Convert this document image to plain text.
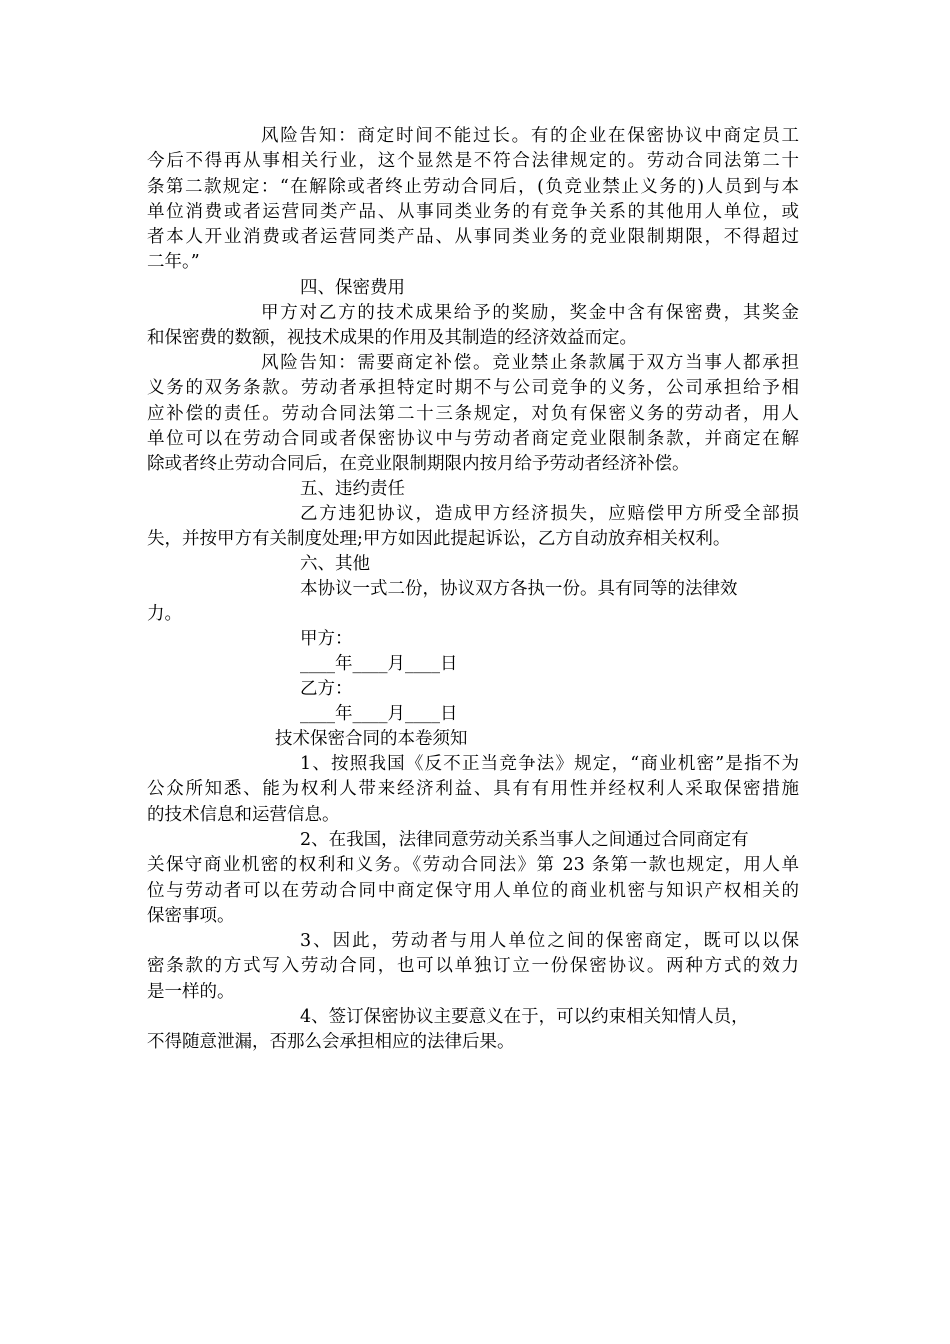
风险告知：商定时间不能过长。有的企业在保密协议中商定员工
今后不得再从事相关行业，这个显然是不符合法律规定的。劳动合同法第二十
条第二款规定：“在解除或者终止劳动合同后，(负竞业禁止义务的)人员到与本
单位消费或者运营同类产品、从事同类业务的有竞争关系的其他用人单位，或
者本人开业消费或者运营同类产品、从事同类业务的竞业限制期限，不得超过
二年。”
四、保密费用
甲方对乙方的技术成果给予的奖励，奖金中含有保密费，其奖金
和保密费的数额，视技术成果的作用及其制造的经济效益而定。
风险告知：需要商定补偿。竞业禁止条款属于双方当事人都承担
义务的双务条款。劳动者承担特定时期不与公司竞争的义务，公司承担给予相
应补偿的责任。劳动合同法第二十三条规定，对负有保密义务的劳动者，用人
单位可以在劳动合同或者保密协议中与劳动者商定竞业限制条款，并商定在解
除或者终止劳动合同后，在竞业限制期限内按月给予劳动者经济补偿。
五、违约责任
乙方违犯协议，造成甲方经济损失，应赔偿甲方所受全部损
失，并按甲方有关制度处理;甲方如因此提起诉讼，乙方自动放弃相关权利。
六、其他
本协议一式二份，协议双方各执一份。具有同等的法律效
力。
甲方：
____年____月____日
乙方：
____年____月____日
技术保密合同的本卷须知
1、按照我国《反不正当竞争法》规定，“商业机密”是指不为
公众所知悉、能为权利人带来经济利益、具有有用性并经权利人采取保密措施
的技术信息和运营信息。
2、在我国，法律同意劳动关系当事人之间通过合同商定有
关保守商业机密的权利和义务。《劳动合同法》第 23 条第一款也规定，用人单
位与劳动者可以在劳动合同中商定保守用人单位的商业机密与知识产权相关的
保密事项。
3、因此，劳动者与用人单位之间的保密商定，既可以以保
密条款的方式写入劳动合同，也可以单独订立一份保密协议。两种方式的效力
是一样的。
4、签订保密协议主要意义在于，可以约束相关知情人员，
不得随意泄漏，否那么会承担相应的法律后果。
